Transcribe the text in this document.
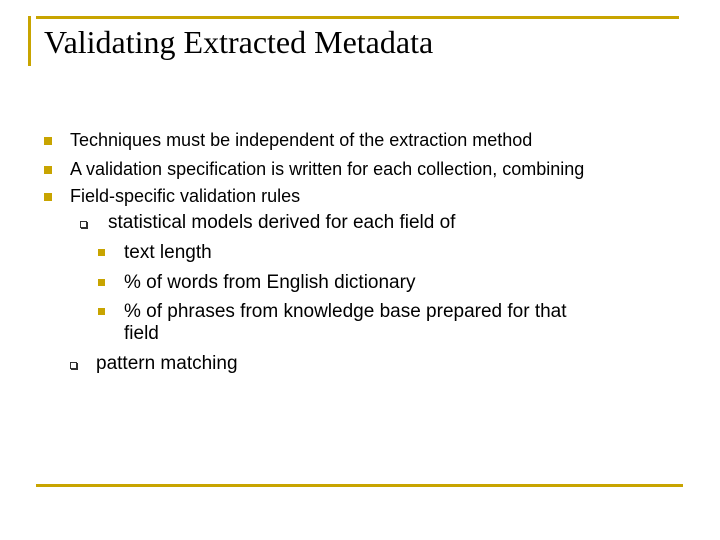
Validating Extracted Metadata
Techniques must be independent of the extraction method
A validation specification is written for each collection, combining
Field-specific validation rules
statistical models derived for each field of
text length
% of words from English dictionary
% of phrases from knowledge base prepared for that
field
pattern matching
